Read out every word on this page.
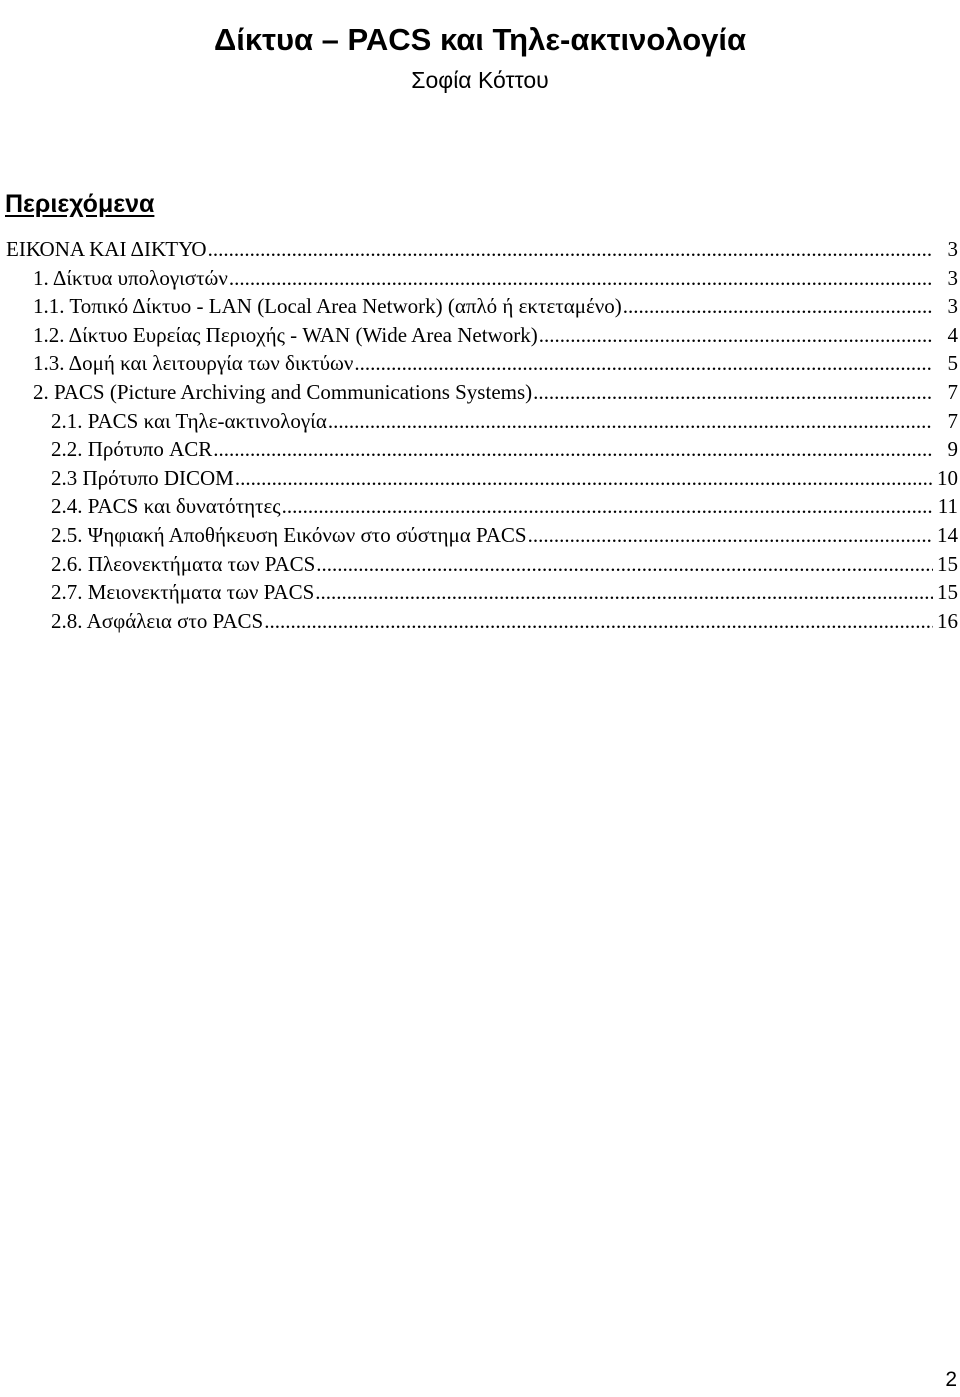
Δίκτυα – PACS και Τηλε-ακτινολογία
Σοφία Κόττου
Περιεχόμενα
ΕΙΚΟΝΑ ΚΑΙ ΔΙΚΤΥΟ .....	3
1. Δίκτυα υπολογιστών .....	3
1.1. Τοπικό Δίκτυο - LAN (Local Area Network) (απλό ή εκτεταμένο) .....	3
1.2. Δίκτυο Ευρείας Περιοχής - WAN (Wide Area Network) .....	4
1.3. Δομή και λειτουργία των δικτύων .....	5
2. PACS (Picture Archiving and Communications Systems) .....	7
2.1. PACS και Τηλε-ακτινολογία .....	7
2.2. Πρότυπο ACR .....	9
2.3 Πρότυπο DICOM .....	10
2.4. PACS και δυνατότητες .....	11
2.5. Ψηφιακή Αποθήκευση Εικόνων στο σύστημα PACS .....	14
2.6. Πλεονεκτήματα των PACS .....	15
2.7. Μειονεκτήματα των PACS .....	15
2.8. Ασφάλεια στο PACS .....	16
2
